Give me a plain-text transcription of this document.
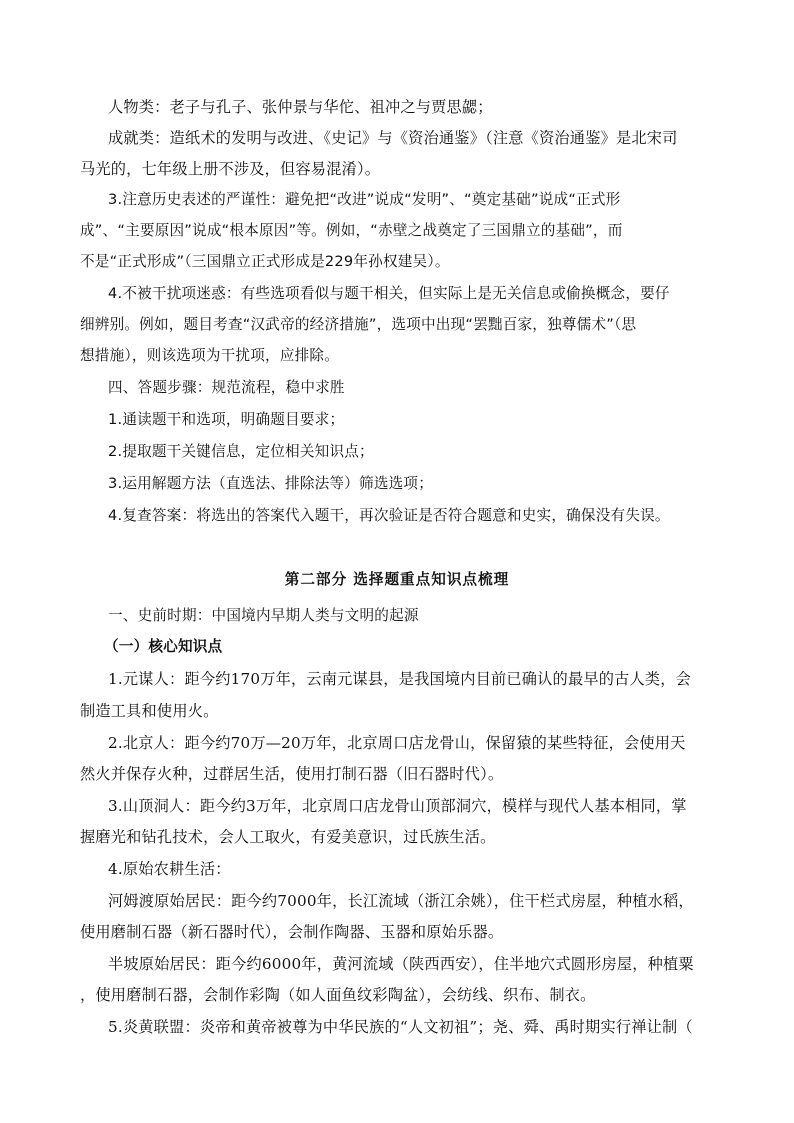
人物类：老子与孔子、张仲景与华佗、祖冲之与贾思勰；
成就类：造纸术的发明与改进、《史记》与《资治通鉴》（注意《资治通鉴》是北宋司
马光的，七年级上册不涉及，但容易混淆）。
3.注意历史表述的严谨性：避免把“改进”说成“发明”、“奠定基础”说成“正式形
成”、“主要原因”说成“根本原因”等。例如，“赤壁之战奠定了三国鼎立的基础”，而
不是“正式形成”（三国鼎立正式形成是229年孙权建吴）。
4.不被干扰项迷惑：有些选项看似与题干相关，但实际上是无关信息或偷换概念，要仔
细辨别。例如，题目考查“汉武帝的经济措施”，选项中出现“罢黜百家，独尊儒术”（思
想措施），则该选项为干扰项，应排除。
四、答题步骤：规范流程，稳中求胜
1.通读题干和选项，明确题目要求；
2.提取题干关键信息，定位相关知识点；
3.运用解题方法（直选法、排除法等）筛选选项；
4.复查答案：将选出的答案代入题干，再次验证是否符合题意和史实，确保没有失误。
第二部分 选择题重点知识点梳理
一、史前时期：中国境内早期人类与文明的起源
（一）核心知识点
1.元谋人：距今约170万年，云南元谋县，是我国境内目前已确认的最早的古人类，会
制造工具和使用火。
2.北京人：距今约70万—20万年，北京周口店龙骨山，保留猿的某些特征，会使用天
然火并保存火种，过群居生活，使用打制石器（旧石器时代）。
3.山顶洞人：距今约3万年，北京周口店龙骨山顶部洞穴，模样与现代人基本相同，掌
握磨光和钻孔技术，会人工取火，有爱美意识，过氏族生活。
4.原始农耕生活：
河姆渡原始居民：距今约7000年，长江流域（浙江余姚），住干栏式房屋，种植水稻，
使用磨制石器（新石器时代），会制作陶器、玉器和原始乐器。
半坡原始居民：距今约6000年，黄河流域（陕西西安），住半地穴式圆形房屋，种植粟
，使用磨制石器，会制作彩陶（如人面鱼纹彩陶盆），会纺线、织布、制衣。
5.炎黄联盟：炎帝和黄帝被尊为中华民族的“人文初祖”；尧、舜、禹时期实行禅让制（
